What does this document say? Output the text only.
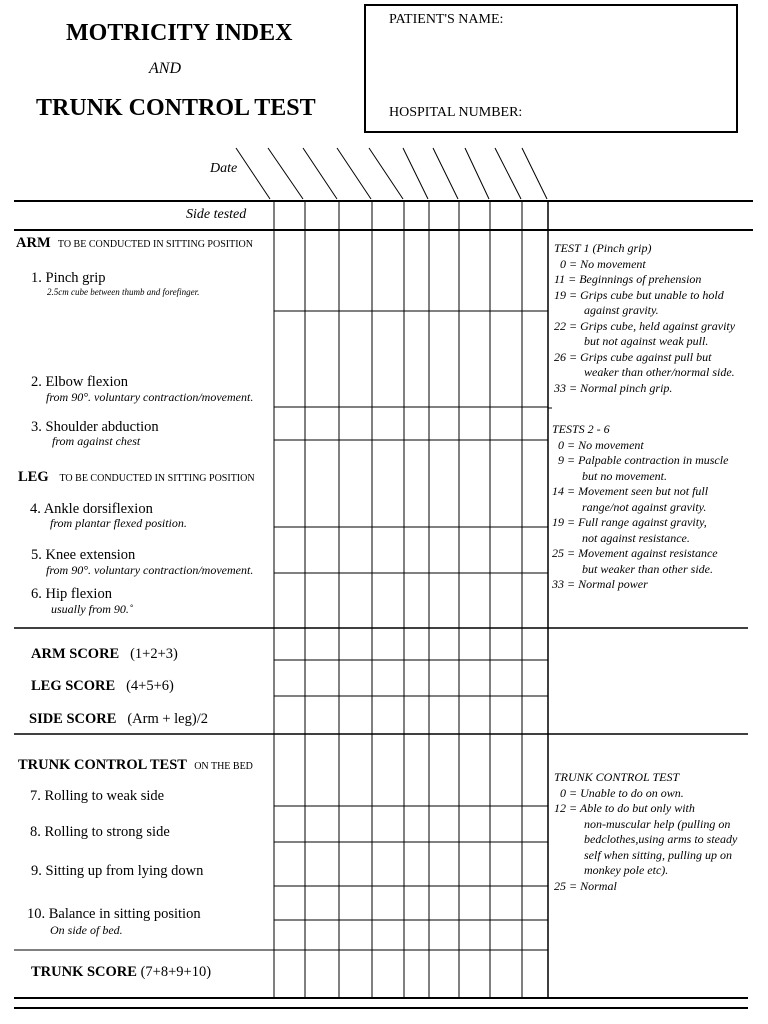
MOTRICITY INDEX
AND
TRUNK CONTROL TEST
PATIENT'S NAME:
HOSPITAL NUMBER:
Date
Side tested
ARM TO BE CONDUCTED IN SITTING POSITION
1. Pinch grip
2.5cm cube between thumb and forefinger.
2. Elbow flexion
from 90°. voluntary contraction/movement.
3. Shoulder abduction
from against chest
LEG TO BE CONDUCTED IN SITTING POSITION
4. Ankle dorsiflexion
from plantar flexed position.
5. Knee extension
from 90°. voluntary contraction/movement.
6. Hip flexion
usually from 90.˚
ARM SCORE (1+2+3)
LEG SCORE (4+5+6)
SIDE SCORE (Arm + leg)/2
TRUNK CONTROL TEST ON THE BED
7. Rolling to weak side
8. Rolling to strong side
9. Sitting up from lying down
10. Balance in sitting position
On side of bed.
TRUNK SCORE (7+8+9+10)
TEST 1 (Pinch grip)
0 = No movement
11 = Beginnings of prehension
19 = Grips cube but unable to hold
against gravity.
22 = Grips cube, held against gravity
but not against weak pull.
26 = Grips cube against pull but
weaker than other/normal side.
33 = Normal pinch grip.
TESTS 2 - 6
0 = No movement
9 = Palpable contraction in muscle
but no movement.
14 = Movement seen but not full
range/not against gravity.
19 = Full range against gravity,
not against resistance.
25 = Movement against resistance
but weaker than other side.
33 = Normal power
TRUNK CONTROL TEST
0 = Unable to do on own.
12 = Able to do but only with
non-muscular help (pulling on
bedclothes,using arms to steady
self when sitting, pulling up on
monkey pole etc).
25 = Normal
